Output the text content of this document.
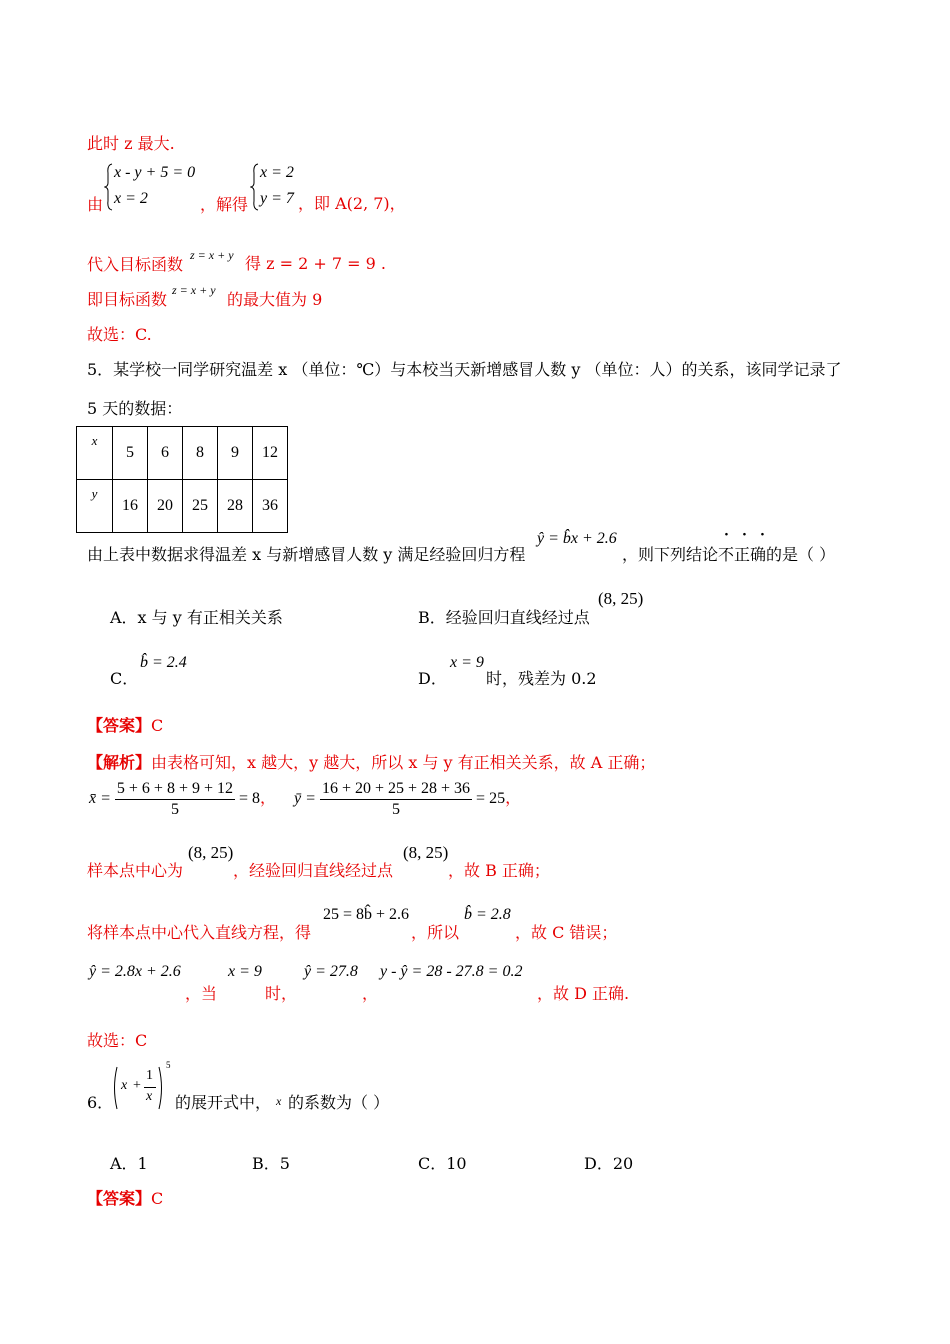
此时 z 最大.
由
x - y + 5 = 0
x = 2	，解得
x = 2
y = 7 ，即 A(2, 7)，
代入目标函数 z = x + y 得 z = 2 + 7 = 9 .
即目标函数 z = x + y 的最大值为 9
故选：C.
5．某学校一同学研究温差 x （单位：℃）与本校当天新增感冒人数 y （单位：人）的关系，该同学记录了
5 天的数据：
x	5	6	8	9	12
y	16	20	25	28	36
由上表中数据求得温差 x 与新增感冒人数 y 满足经验回归方程
ŷ = b̂x + 2.6
，则下列结论不正确的是（ ）
· · ·
A．x 与 y 有正相关关系	B．经验回归直线经过点
(8, 25)
C．
b̂ = 2.4
D．
x = 9
时，残差为 0.2
【答案】C
【解析】由表格可知，x 越大，y 越大，所以 x 与 y 有正相关关系，故 A 正确；
x̄ = $\frac{5 + 6 + 8 + 9 + 12}{5} = 8$， ȳ = $\frac{16 + 20 + 25 + 28 + 36}{5} = 25$，
样本点中心为
(8, 25)
，经验回归直线经过点
(8, 25)
，故 B 正确；
将样本点中心代入直线方程，得
25 = 8b̂ + 2.6
，所以
b̂ = 2.8
，故 C 错误；
ŷ = 2.8x + 2.6
，当
x = 9
时，
ŷ = 27.8
，
y - ŷ = 28 - 27.8 = 0.2
，故 D 正确.
故选：C
6．
x +
1
x
5
的展开式中， x 的系数为（ ）
A．1	B．5	C．10	D．20
【答案】C
